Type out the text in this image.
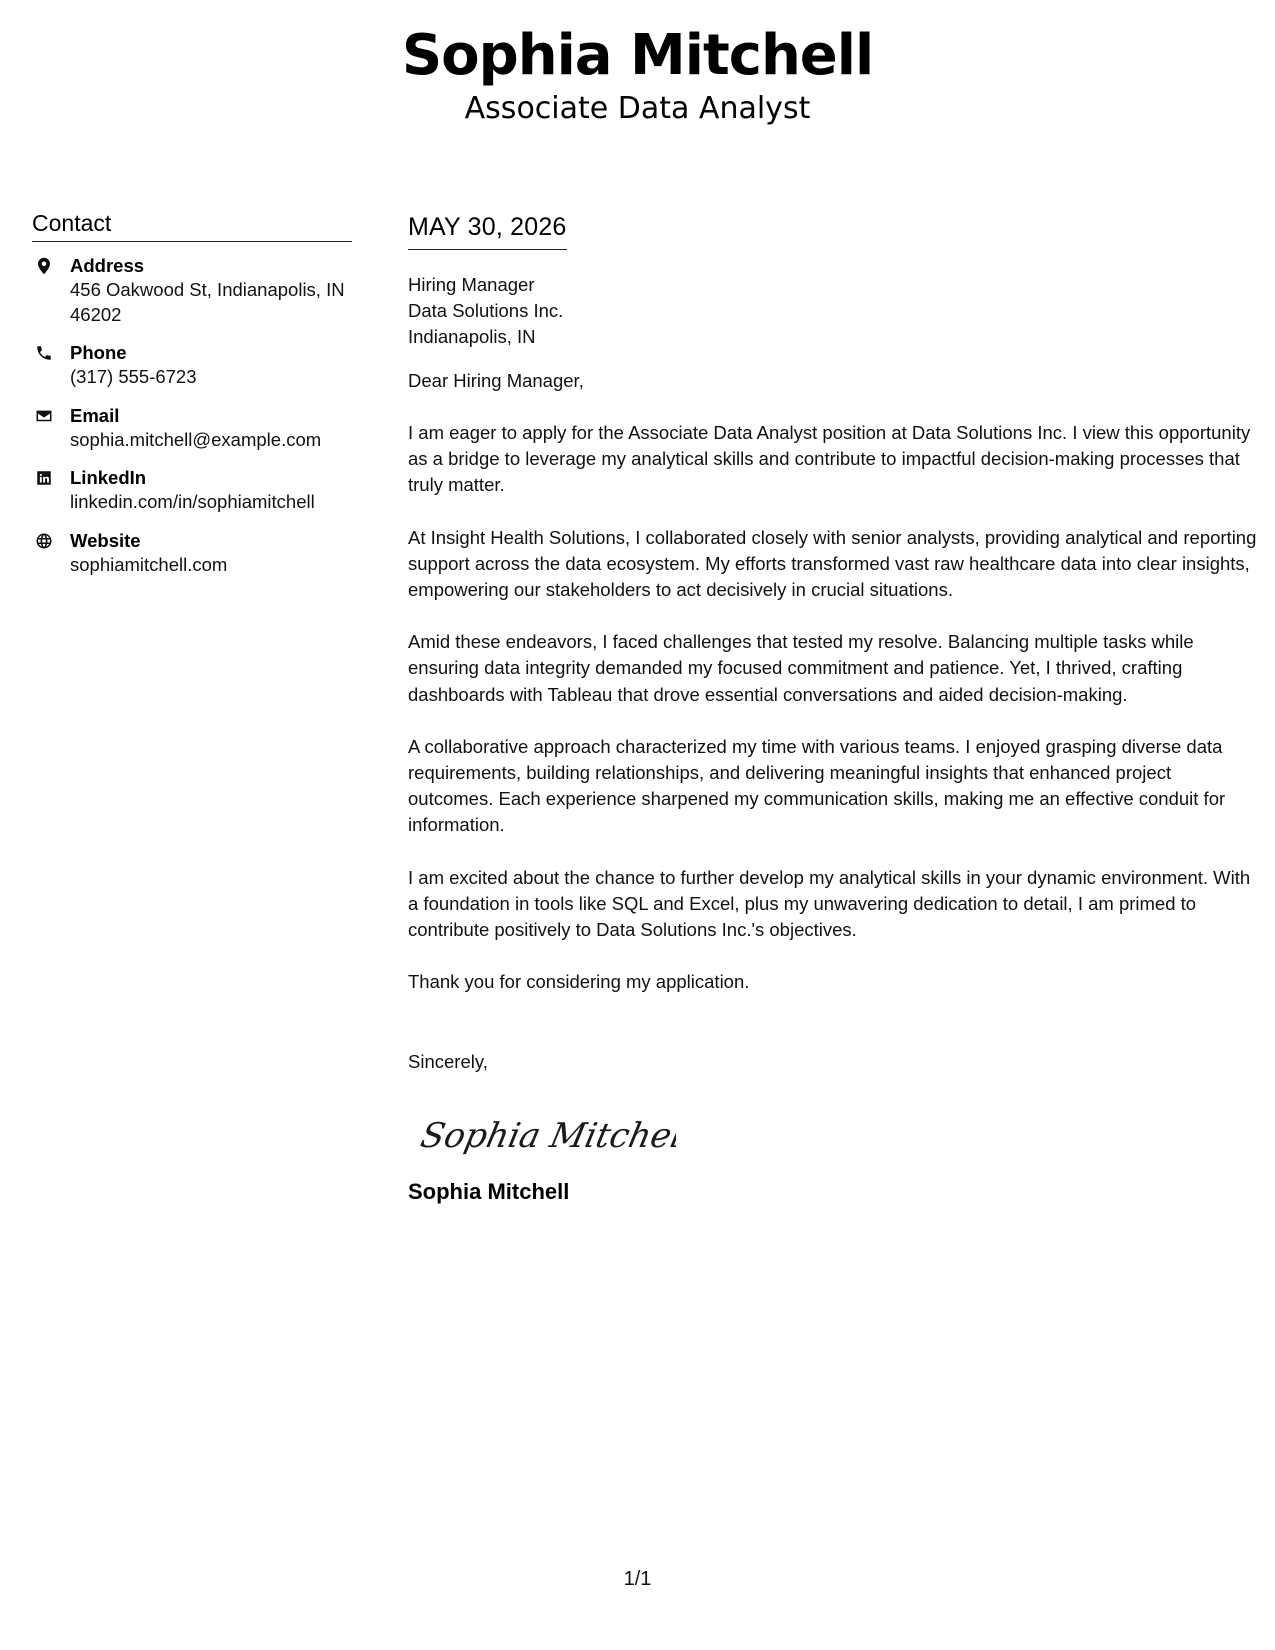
Sophia Mitchell
Associate Data Analyst
Contact
Address
456 Oakwood St, Indianapolis, IN 46202
Phone
(317) 555-6723
Email
sophia.mitchell@example.com
LinkedIn
linkedin.com/in/sophiamitchell
Website
sophiamitchell.com
MAY 30, 2026
Hiring Manager
Data Solutions Inc.
Indianapolis, IN
Dear Hiring Manager,

I am eager to apply for the Associate Data Analyst position at Data Solutions Inc. I view this opportunity as a bridge to leverage my analytical skills and contribute to impactful decision-making processes that truly matter.

At Insight Health Solutions, I collaborated closely with senior analysts, providing analytical and reporting support across the data ecosystem. My efforts transformed vast raw healthcare data into clear insights, empowering our stakeholders to act decisively in crucial situations.

Amid these endeavors, I faced challenges that tested my resolve. Balancing multiple tasks while ensuring data integrity demanded my focused commitment and patience. Yet, I thrived, crafting dashboards with Tableau that drove essential conversations and aided decision-making.

A collaborative approach characterized my time with various teams. I enjoyed grasping diverse data requirements, building relationships, and delivering meaningful insights that enhanced project outcomes. Each experience sharpened my communication skills, making me an effective conduit for information.

I am excited about the chance to further develop my analytical skills in your dynamic environment. With a foundation in tools like SQL and Excel, plus my unwavering dedication to detail, I am primed to contribute positively to Data Solutions Inc.'s objectives.

Thank you for considering my application.

Sincerely,
Sophia Mitchell
Sophia Mitchell
1/1
